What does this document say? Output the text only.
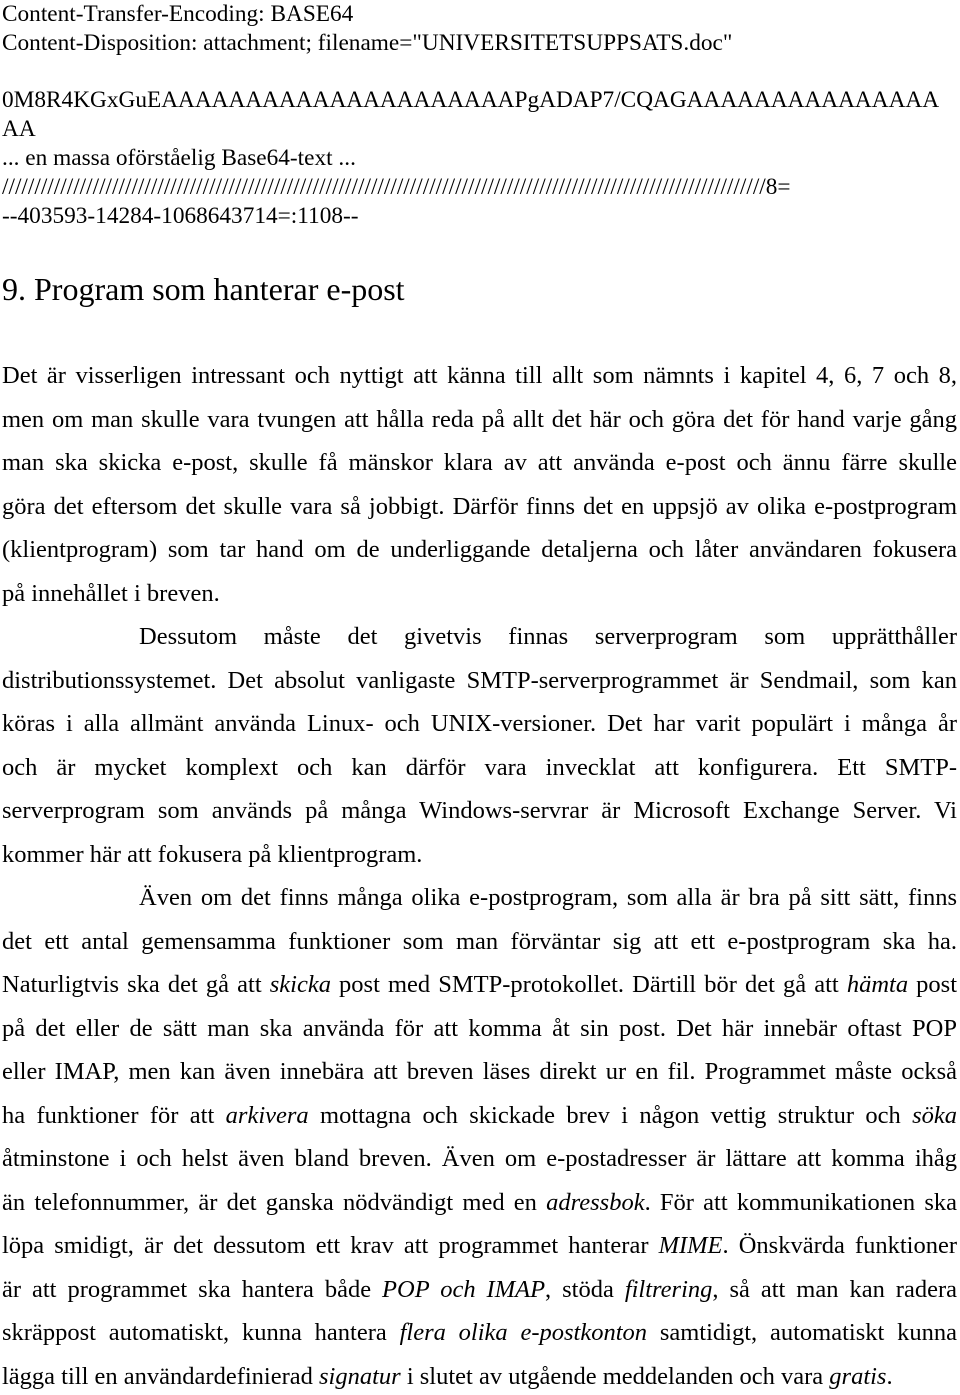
Content-Transfer-Encoding: BASE64
Content-Disposition: attachment; filename="UNIVERSITETSUPPSATS.doc"
0M8R4KGxGuEAAAAAAAAAAAAAAAAAAAAAPgADAP7/CQAGAAAAAAAAAAAAAAA
AA
... en massa oförståelig Base64-text ...
//////////////////////////////////////////////////////////////////////////////////////////////////////////////////////8=
--403593-14284-1068643714=:1108--
9. Program som hanterar e-post
Det är visserligen intressant och nyttigt att känna till allt som nämnts i kapitel 4, 6, 7 och 8,
men om man skulle vara tvungen att hålla reda på allt det här och göra det för hand varje gång
man ska skicka e-post, skulle få mänskor klara av att använda e-post och ännu färre skulle
göra det eftersom det skulle vara så jobbigt. Därför finns det en uppsjö av olika e-postprogram
(klientprogram) som tar hand om de underliggande detaljerna och låter användaren fokusera
på innehållet i breven.
Dessutom måste det givetvis finnas serverprogram som upprätthåller
distributionssystemet. Det absolut vanligaste SMTP-serverprogrammet är Sendmail, som kan
köras i alla allmänt använda Linux- och UNIX-versioner. Det har varit populärt i många år
och är mycket komplext och kan därför vara invecklat att konfigurera. Ett SMTP-
serverprogram som används på många Windows-servrar är Microsoft Exchange Server. Vi
kommer här att fokusera på klientprogram.
Även om det finns många olika e-postprogram, som alla är bra på sitt sätt, finns
det ett antal gemensamma funktioner som man förväntar sig att ett e-postprogram ska ha.
Naturligtvis ska det gå att skicka post med SMTP-protokollet. Därtill bör det gå att hämta post
på det eller de sätt man ska använda för att komma åt sin post. Det här innebär oftast POP
eller IMAP, men kan även innebära att breven läses direkt ur en fil. Programmet måste också
ha funktioner för att arkivera mottagna och skickade brev i någon vettig struktur och söka
åtminstone i och helst även bland breven. Även om e-postadresser är lättare att komma ihåg
än telefonnummer, är det ganska nödvändigt med en adressbok. För att kommunikationen ska
löpa smidigt, är det dessutom ett krav att programmet hanterar MIME. Önskvärda funktioner
är att programmet ska hantera både POP och IMAP, stöda filtrering, så att man kan radera
skräppost automatiskt, kunna hantera flera olika e-postkonton samtidigt, automatiskt kunna
lägga till en användardefinierad signatur i slutet av utgående meddelanden och vara gratis.
